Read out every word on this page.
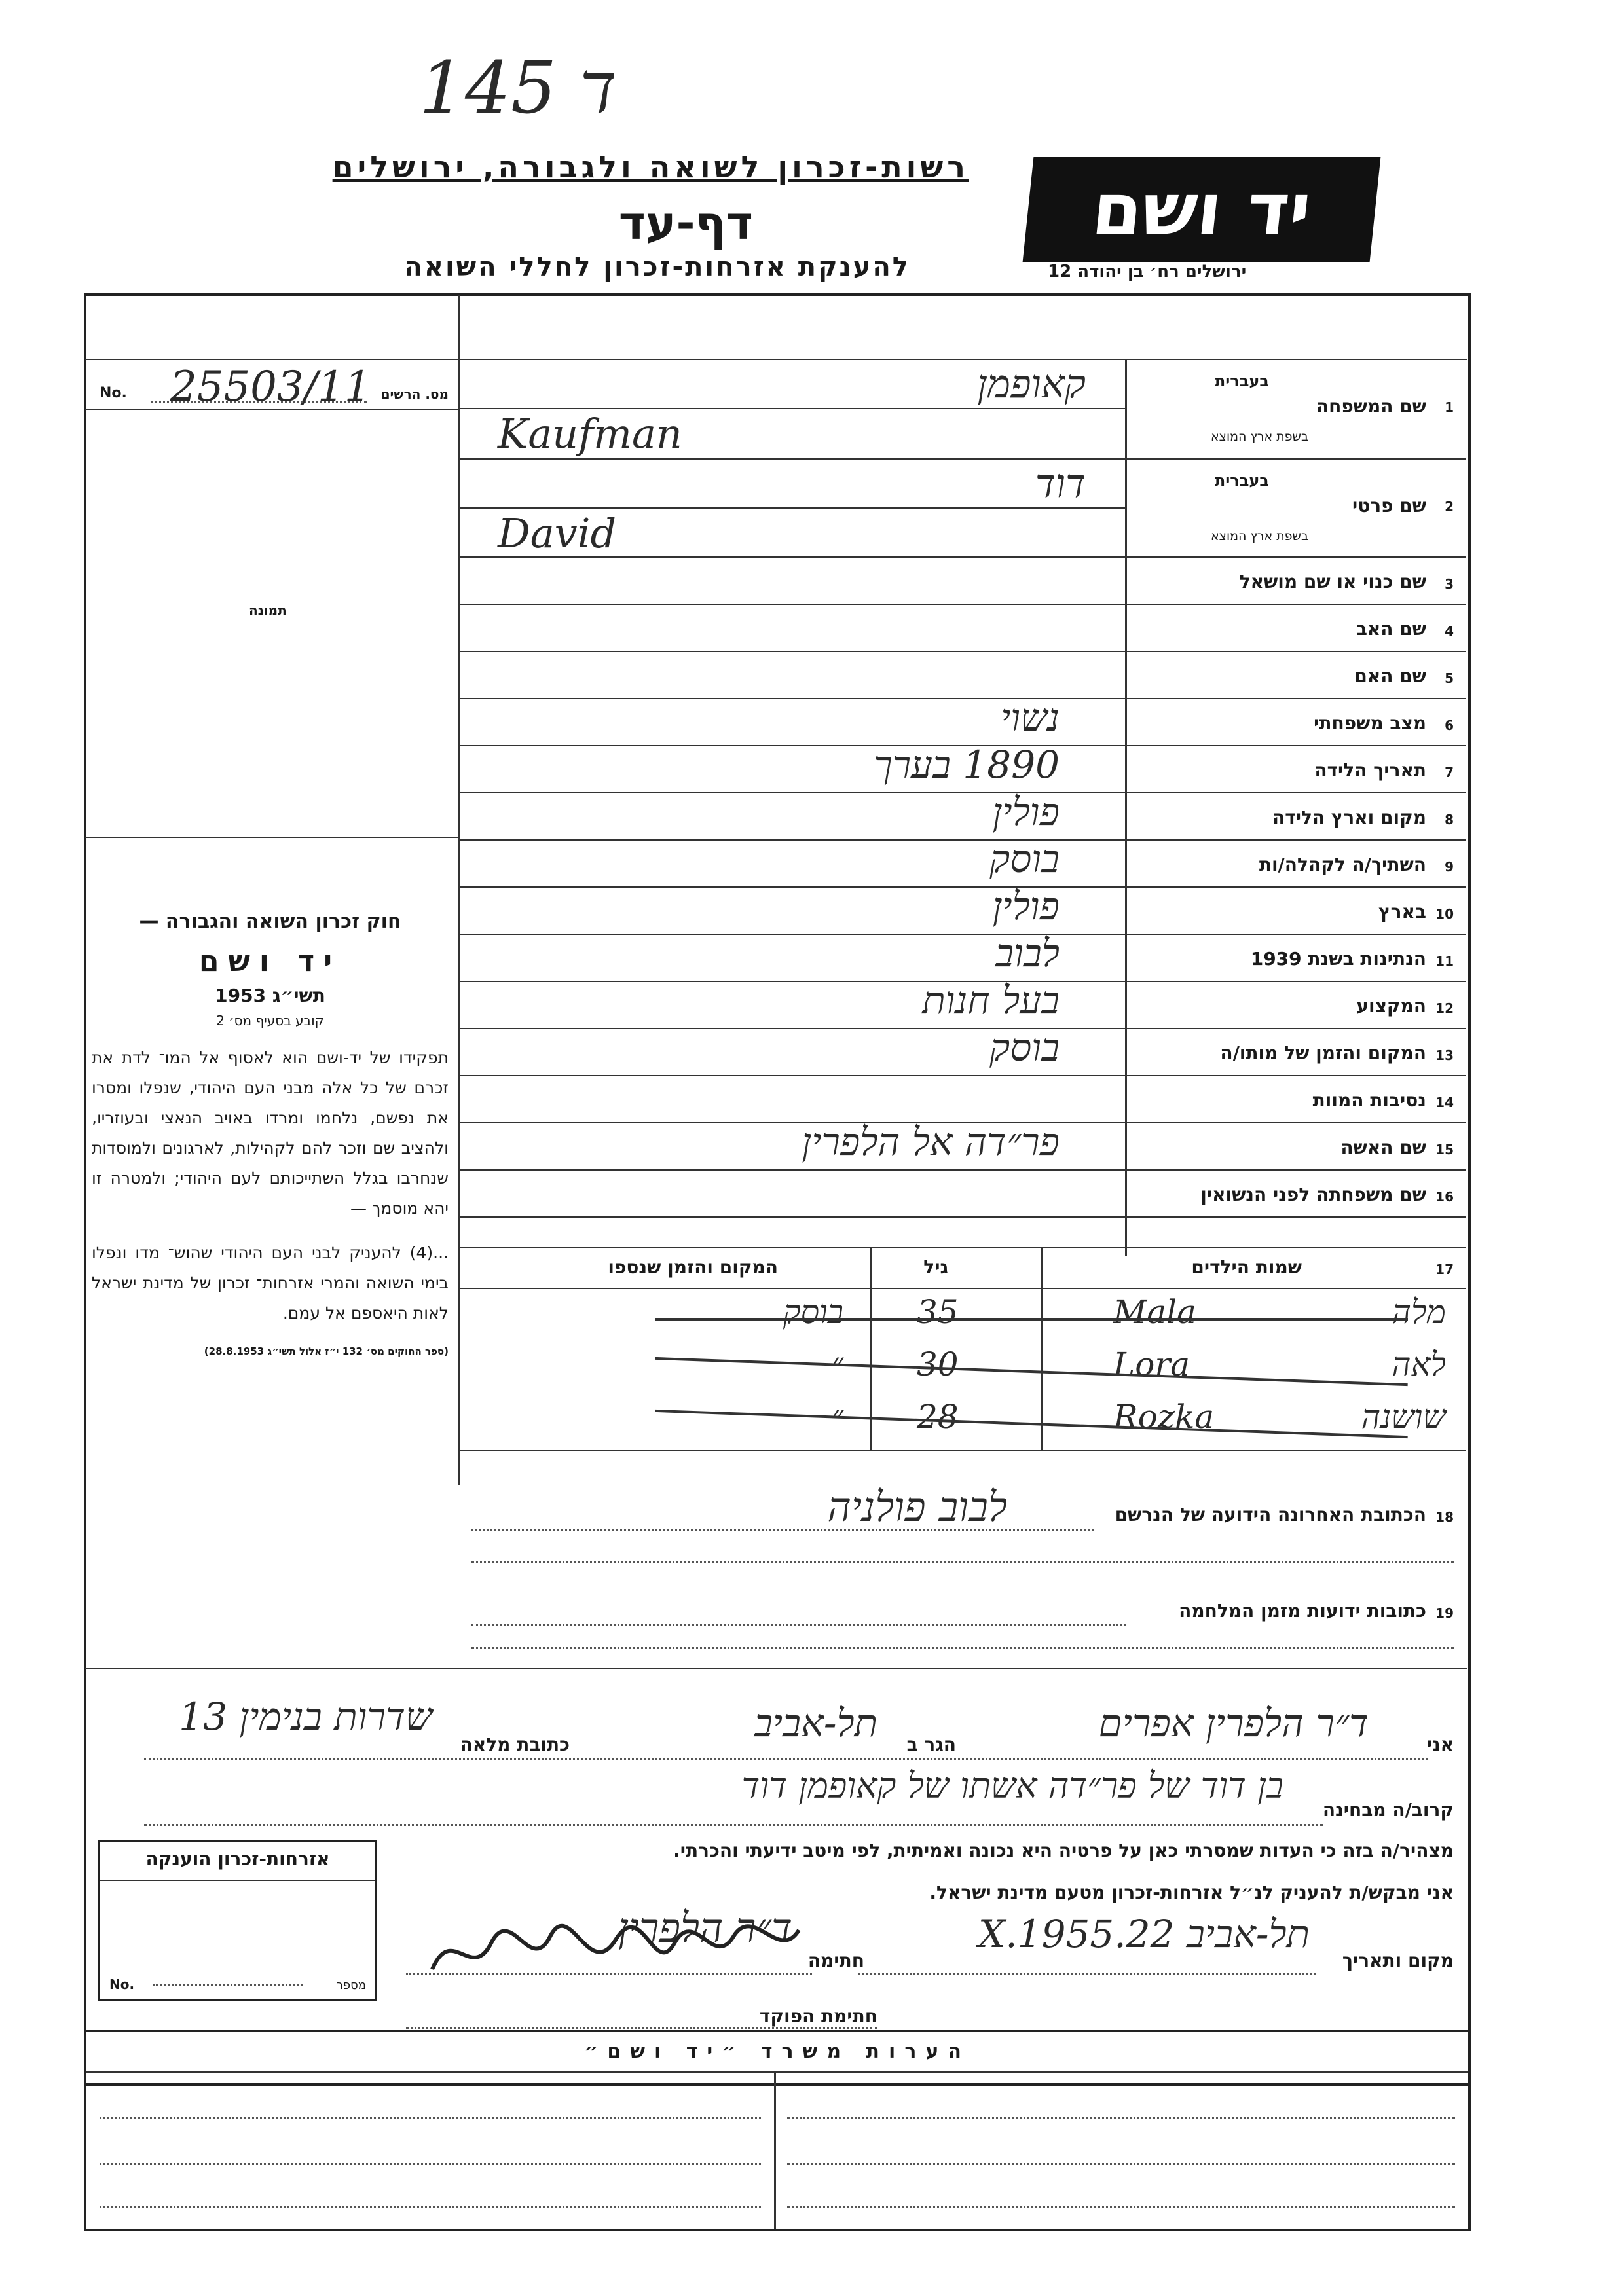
ד 145
רשות-זכרון לשואה ולגבורה, ירושלים
דף-עד
להענקת אזרחות-זכרון לחללי השואה
יד ושם
ירושלים רח׳ בן יהודה 12
No. 25503/11 מס. הרשים
תמונה
חוק זכרון השואה והגבורה —
יד ושם
תשי״ג 1953
קובע בסעיף מס׳ 2
תפקידו של יד-ושם הוא לאסוף אל המו־ לדת את זכרם של כל אלה מבני העם היהודי, שנפלו ומסרו את נפשם, נלחמו ומרדו באויב הנאצי ובעוזריו, ולהציב שם וזכר להם לקהילות, לארגונים ולמוסדות שנחרבו בגלל השתייכותם לעם היהודי; ולמטרה זו יהא מוסמך —
...(4) להעניק לבני העם היהודי שהוש־ מדו ונפלו בימי השואה והמרי אזרחות־ זכרון של מדינת ישראל לאות היאספם אל עמם.
(ספר החוקים מס׳ 132 י״ז אלול תשי״ג 28.8.1953)
1
שם המשפחה
בעברית
בשפת ארץ המוצא
קאופמן
Kaufman
2
שם פרטי
בעברית
בשפת ארץ המוצא
דוד
David
3
שם כנוי או שם מושאל
4
שם האב
5
שם האם
6
מצב משפחתי
נשוי
7
תאריך הלידה
1890 בערך
8
מקום וארץ הלידה
פולין
9
השתיך/ה לקהלה/ות
בוסק
10
בארץ
פולין
11
הנתינות בשנת 1939
לבוב
12
המקצוע
בעל חנות
13
המקום והזמן של מותו/ה
בוסק
14
נסיבות המוות
15
שם האשה
פר״דה אל הלפרין
16
שם משפחתה לפני הנשואין
17
שמות הילדים
גיל
המקום והזמן שנספו
מלה
Mala
35
בוסק
לאה
Lora
30
״
שושנה
Rozka
28
״
18
הכתובת האחרונה הידועה של הנרשם
לבוב פולניה
19
כתובות ידועות מזמן המלחמה
אני
ד״ר הלפרין אפרים
הגר ב
תל-אביב
כתובת מלאה
שדרות בנימין 13
קרוב/ה מבחינה
בן דוד של פר״דה אשתו של קאופמן דוד
מצהיר/ה בזה כי העדות שמסרתי כאן על פרטיה היא נכונה ואמיתית, לפי מיטב ידיעתי והכרתי.
אני מבקש/ת להעניק לנ״ל אזרחות-זכרון מטעם מדינת ישראל.
מקום ותאריך
תל-אביב 22.X.1955
חתימה
ד״ר הלפרין
חתימת הפוקד
אזרחות-זכרון הוענקה
No.	מספר
הערות משרד ״יד ושם״
